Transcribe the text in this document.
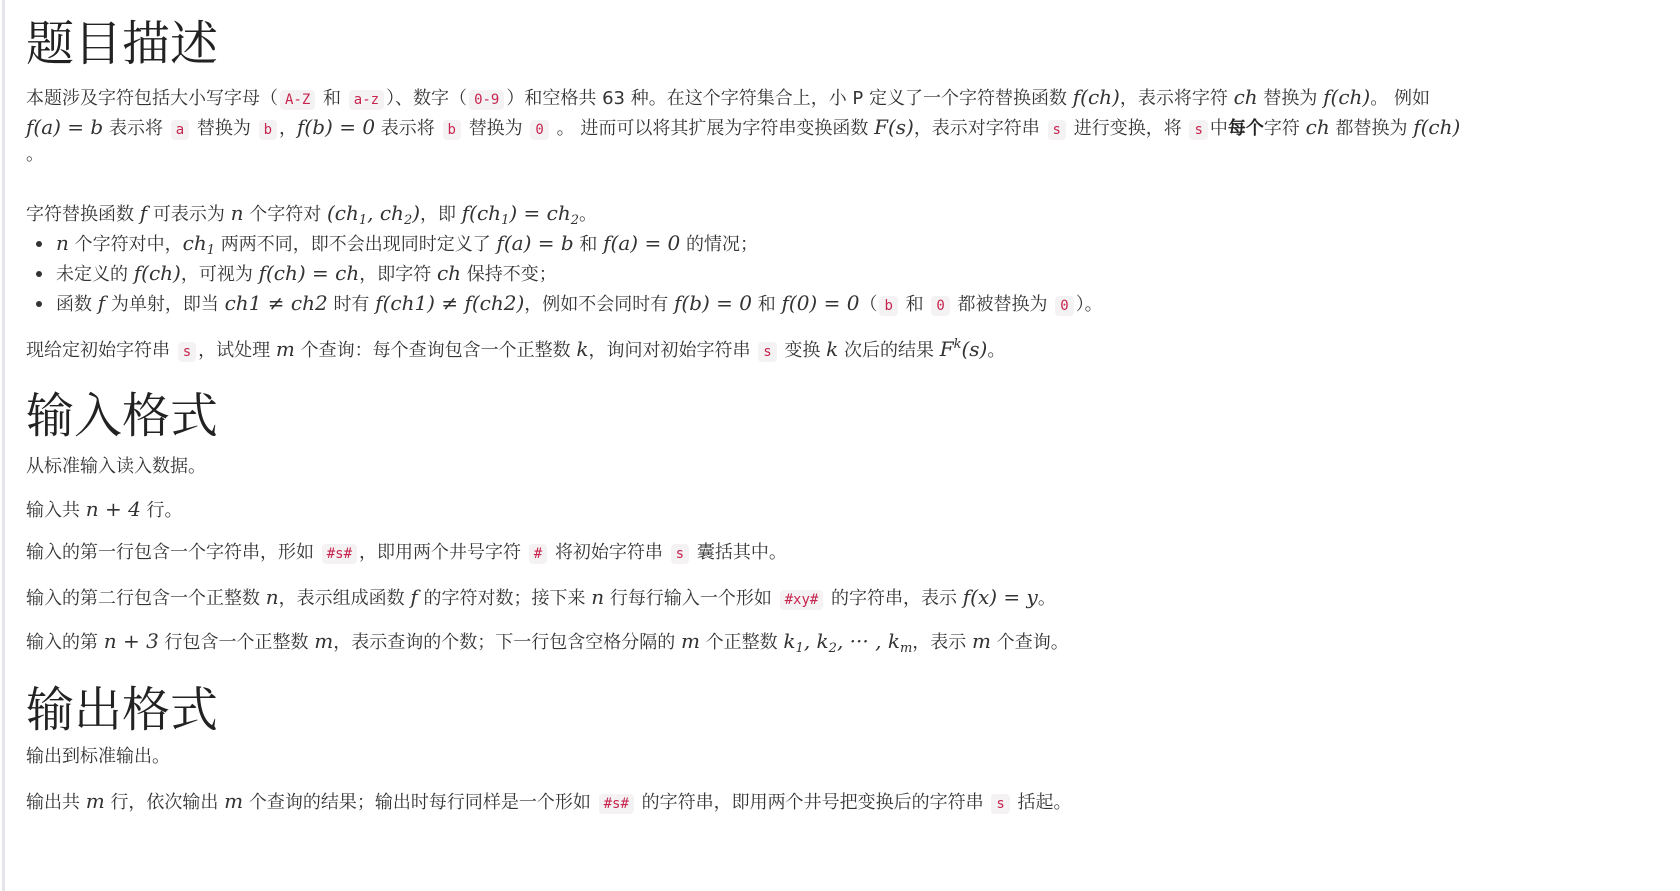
题目描述
本题涉及字符包括大小写字母（ A-Z 和 a-z ）、数字（ 0-9 ）和空格共 63 种。在这个字符集合上，小 P 定义了一个字符替换函数 f(ch)，表示将字符 ch 替换为 f(ch)。 例如
f(a) = b 表示将 a 替换为 b ，f(b) = 0 表示将 b 替换为 0 。 进而可以将其扩展为字符串变换函数 F(s)，表示对字符串 s 进行变换，将 s 中每个字符 ch 都替换为 f(ch)
。
字符替换函数 f 可表示为 n 个字符对 ($ch_1$, $ch_2$)，即 $f(ch_1) = ch_2$。
n 个字符对中，$ch_1$ 两两不同，即不会出现同时定义了 f(a) = b 和 f(a) = 0 的情况；
未定义的 f(ch)，可视为 f(ch) = ch，即字符 ch 保持不变；
函数 f 为单射，即当 ch1 ≠ ch2 时有 f(ch1) ≠ f(ch2)，例如不会同时有 f(b) = 0 和 f(0) = 0（ b 和 0 都被替换为 0 ）。
现给定初始字符串 s ，试处理 m 个查询：每个查询包含一个正整数 k，询问对初始字符串 s 变换 k 次后的结果 $F^k(s)$。
输入格式
从标准输入读入数据。
输入共 n + 4 行。
输入的第一行包含一个字符串，形如 #s# ，即用两个井号字符 # 将初始字符串 s 囊括其中。
输入的第二行包含一个正整数 n，表示组成函数 f 的字符对数；接下来 n 行每行输入一个形如 #xy# 的字符串，表示 f(x) = y。
输入的第 n + 3 行包含一个正整数 m，表示查询的个数；下一行包含空格分隔的 m 个正整数 $k_1$, $k_2$, ··· , $k_m$，表示 m 个查询。
输出格式
输出到标准输出。
输出共 m 行，依次输出 m 个查询的结果；输出时每行同样是一个形如 #s# 的字符串，即用两个井号把变换后的字符串 s 括起。
